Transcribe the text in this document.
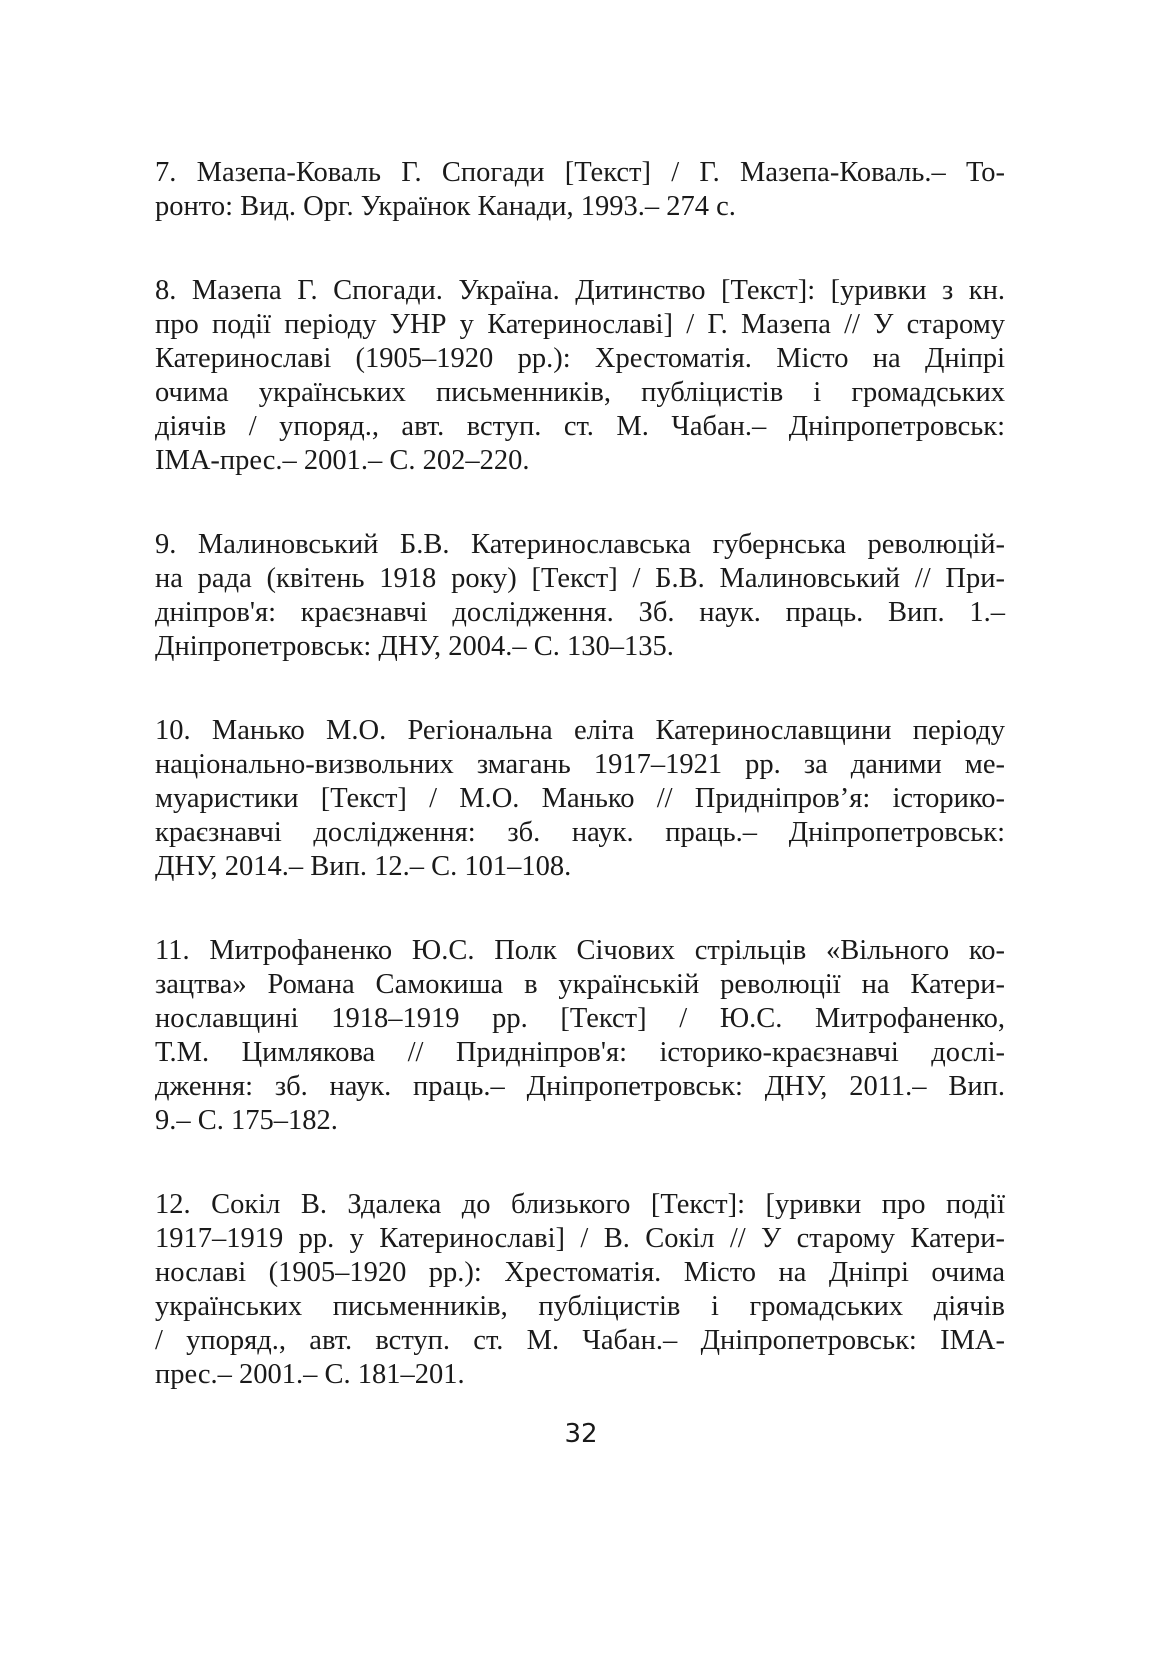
7. Мазепа-Коваль Г. Спогади [Текст] / Г. Мазепа-Коваль.– То-
ронто: Вид. Орг. Українок Канади, 1993.– 274 с.

8. Мазепа Г. Спогади. Україна. Дитинство [Текст]: [уривки з кн.
про події періоду УНР у Катеринославі] / Г. Мазепа // У старому
Катеринославі (1905–1920 рр.): Хрестоматія. Місто на Дніпрі
очима українських письменників, публіцистів і громадських
діячів / упоряд., авт. вступ. ст. М. Чабан.– Дніпропетровськ:
ІМА-прес.– 2001.– С. 202–220.

9. Малиновський Б.В. Катеринославська губернська революцій-
на рада (квітень 1918 року) [Текст] / Б.В. Малиновський // При-
дніпров'я: краєзнавчі дослідження. Зб. наук. праць. Вип. 1.–
Дніпропетровськ: ДНУ, 2004.– С. 130–135.

10. Манько М.О. Регіональна еліта Катеринославщини періоду
національно-визвольних змагань 1917–1921 рр. за даними ме-
муаристики [Текст] / М.О. Манько // Придніпров’я: історико-
краєзнавчі дослідження: зб. наук. праць.– Дніпропетровськ:
ДНУ, 2014.– Вип. 12.– С. 101–108.

11. Митрофаненко Ю.С. Полк Січових стрільців «Вільного ко-
зацтва» Романа Самокиша в українській революції на Катери-
нославщині 1918–1919 рр. [Текст] / Ю.С. Митрофаненко,
Т.М. Цимлякова // Придніпров'я: історико-краєзнавчі дослі-
дження: зб. наук. праць.– Дніпропетровськ: ДНУ, 2011.– Вип.
9.– С. 175–182.

12. Сокіл В. Здалека до близького [Текст]: [уривки про події
1917–1919 рр. у Катеринославі] / В. Сокіл // У старому Катери-
нославі (1905–1920 рр.): Хрестоматія. Місто на Дніпрі очима
українських письменників, публіцистів і громадських діячів
/ упоряд., авт. вступ. ст. М. Чабан.– Дніпропетровськ: ІМА-
прес.– 2001.– С. 181–201.

32
